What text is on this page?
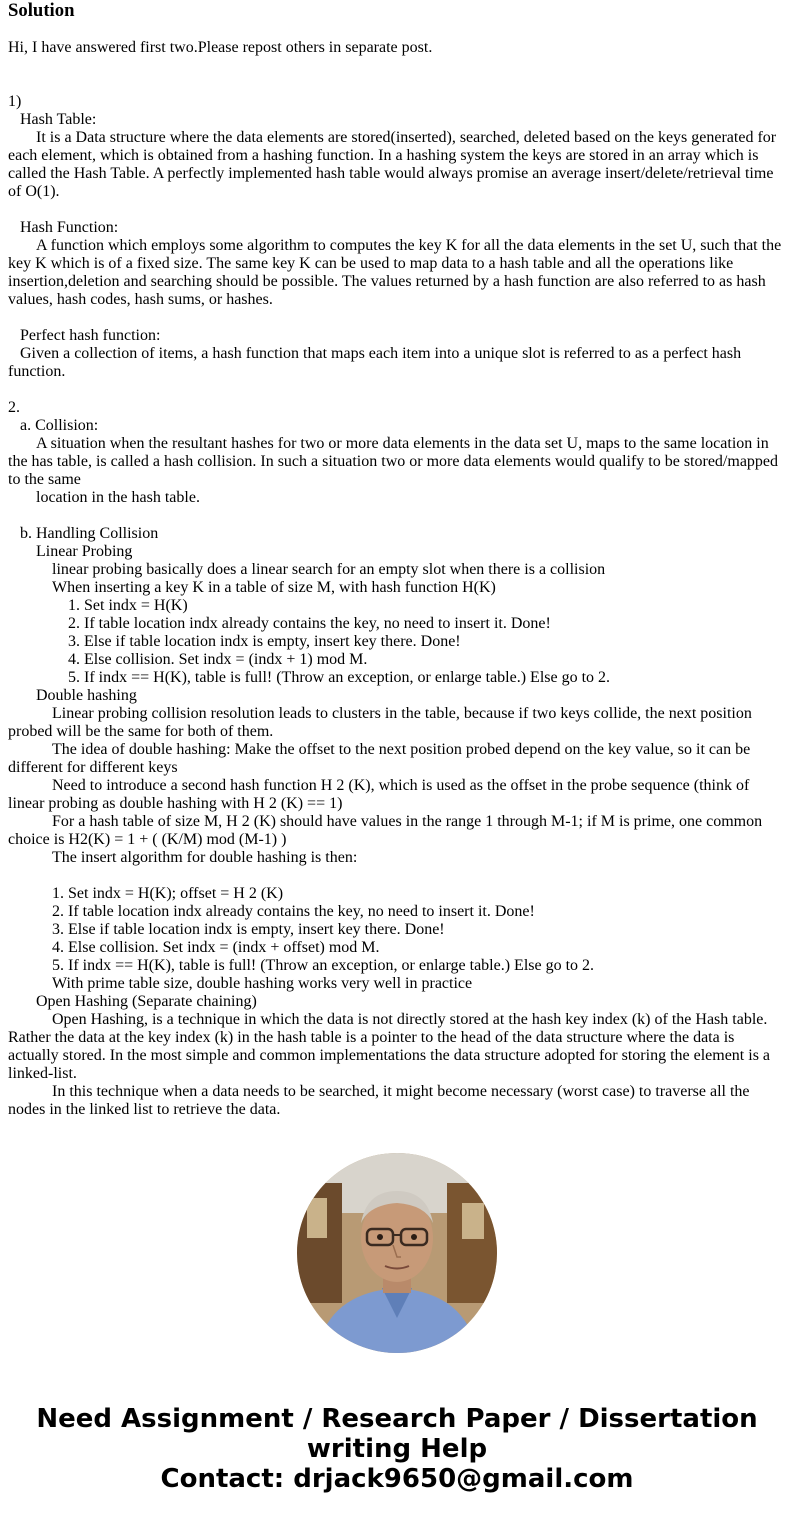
Solution
Hi, I have answered first two.Please repost others in separate post.
1)
Hash Table:
It is a Data structure where the data elements are stored(inserted), searched, deleted based on the keys generated for each element, which is obtained from a hashing function. In a hashing system the keys are stored in an array which is called the Hash Table. A perfectly implemented hash table would always promise an average insert/delete/retrieval time of O(1).

Hash Function:
A function which employs some algorithm to computes the key K for all the data elements in the set U, such that the key K which is of a fixed size. The same key K can be used to map data to a hash table and all the operations like insertion,deletion and searching should be possible. The values returned by a hash function are also referred to as hash values, hash codes, hash sums, or hashes.

Perfect hash function:
Given a collection of items, a hash function that maps each item into a unique slot is referred to as a perfect hash function.

2.
a. Collision:
A situation when the resultant hashes for two or more data elements in the data set U, maps to the same location in the has table, is called a hash collision. In such a situation two or more data elements would qualify to be stored/mapped to the same
location in the hash table.

b. Handling Collision
Linear Probing
linear probing basically does a linear search for an empty slot when there is a collision
When inserting a key K in a table of size M, with hash function H(K)
1. Set indx = H(K)
2. If table location indx already contains the key, no need to insert it. Done!
3. Else if table location indx is empty, insert key there. Done!
4. Else collision. Set indx = (indx + 1) mod M.
5. If indx == H(K), table is full! (Throw an exception, or enlarge table.) Else go to 2.
Double hashing
Linear probing collision resolution leads to clusters in the table, because if two keys collide, the next position probed will be the same for both of them.
The idea of double hashing: Make the offset to the next position probed depend on the key value, so it can be different for different keys
Need to introduce a second hash function H 2 (K), which is used as the offset in the probe sequence (think of linear probing as double hashing with H 2 (K) == 1)
For a hash table of size M, H 2 (K) should have values in the range 1 through M-1; if M is prime, one common choice is H2(K) = 1 + ( (K/M) mod (M-1) )
The insert algorithm for double hashing is then:

1. Set indx = H(K); offset = H 2 (K)
2. If table location indx already contains the key, no need to insert it. Done!
3. Else if table location indx is empty, insert key there. Done!
4. Else collision. Set indx = (indx + offset) mod M.
5. If indx == H(K), table is full! (Throw an exception, or enlarge table.) Else go to 2.
With prime table size, double hashing works very well in practice
Open Hashing (Separate chaining)
Open Hashing, is a technique in which the data is not directly stored at the hash key index (k) of the Hash table. Rather the data at the key index (k) in the hash table is a pointer to the head of the data structure where the data is actually stored. In the most simple and common implementations the data structure adopted for storing the element is a linked-list.
In this technique when a data needs to be searched, it might become necessary (worst case) to traverse all the nodes in the linked list to retrieve the data.
Need Assignment / Research Paper / Dissertation
writing Help
Contact: drjack9650@gmail.com
